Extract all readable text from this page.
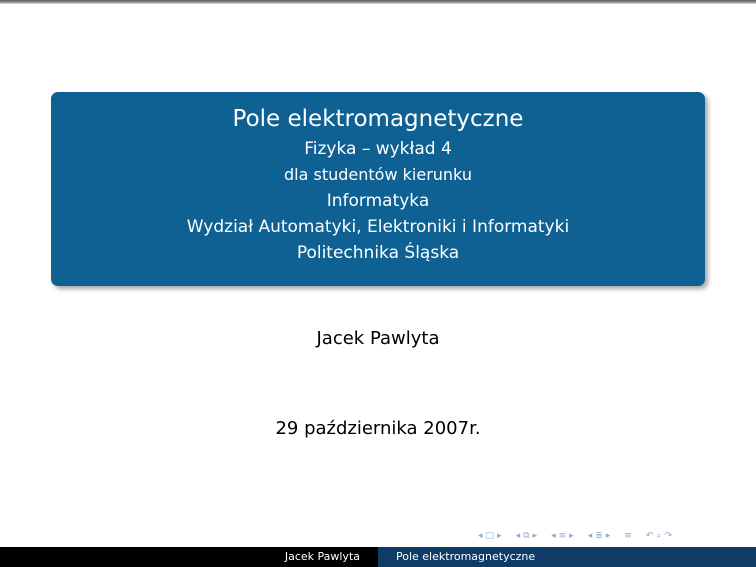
Pole elektromagnetyczne
Fizyka – wykład 4
dla studentów kierunku
Informatyka
Wydział Automatyki, Elektroniki i Informatyki
Politechnika Śląska
Jacek Pawlyta
29 października 2007r.
◂ □ ▸ ◂ ⧉ ▸ ◂ ≡ ▸ ◂ ≣ ▸ ≡ ↶ ⌕ ↷
Jacek Pawlyta	Pole elektromagnetyczne
